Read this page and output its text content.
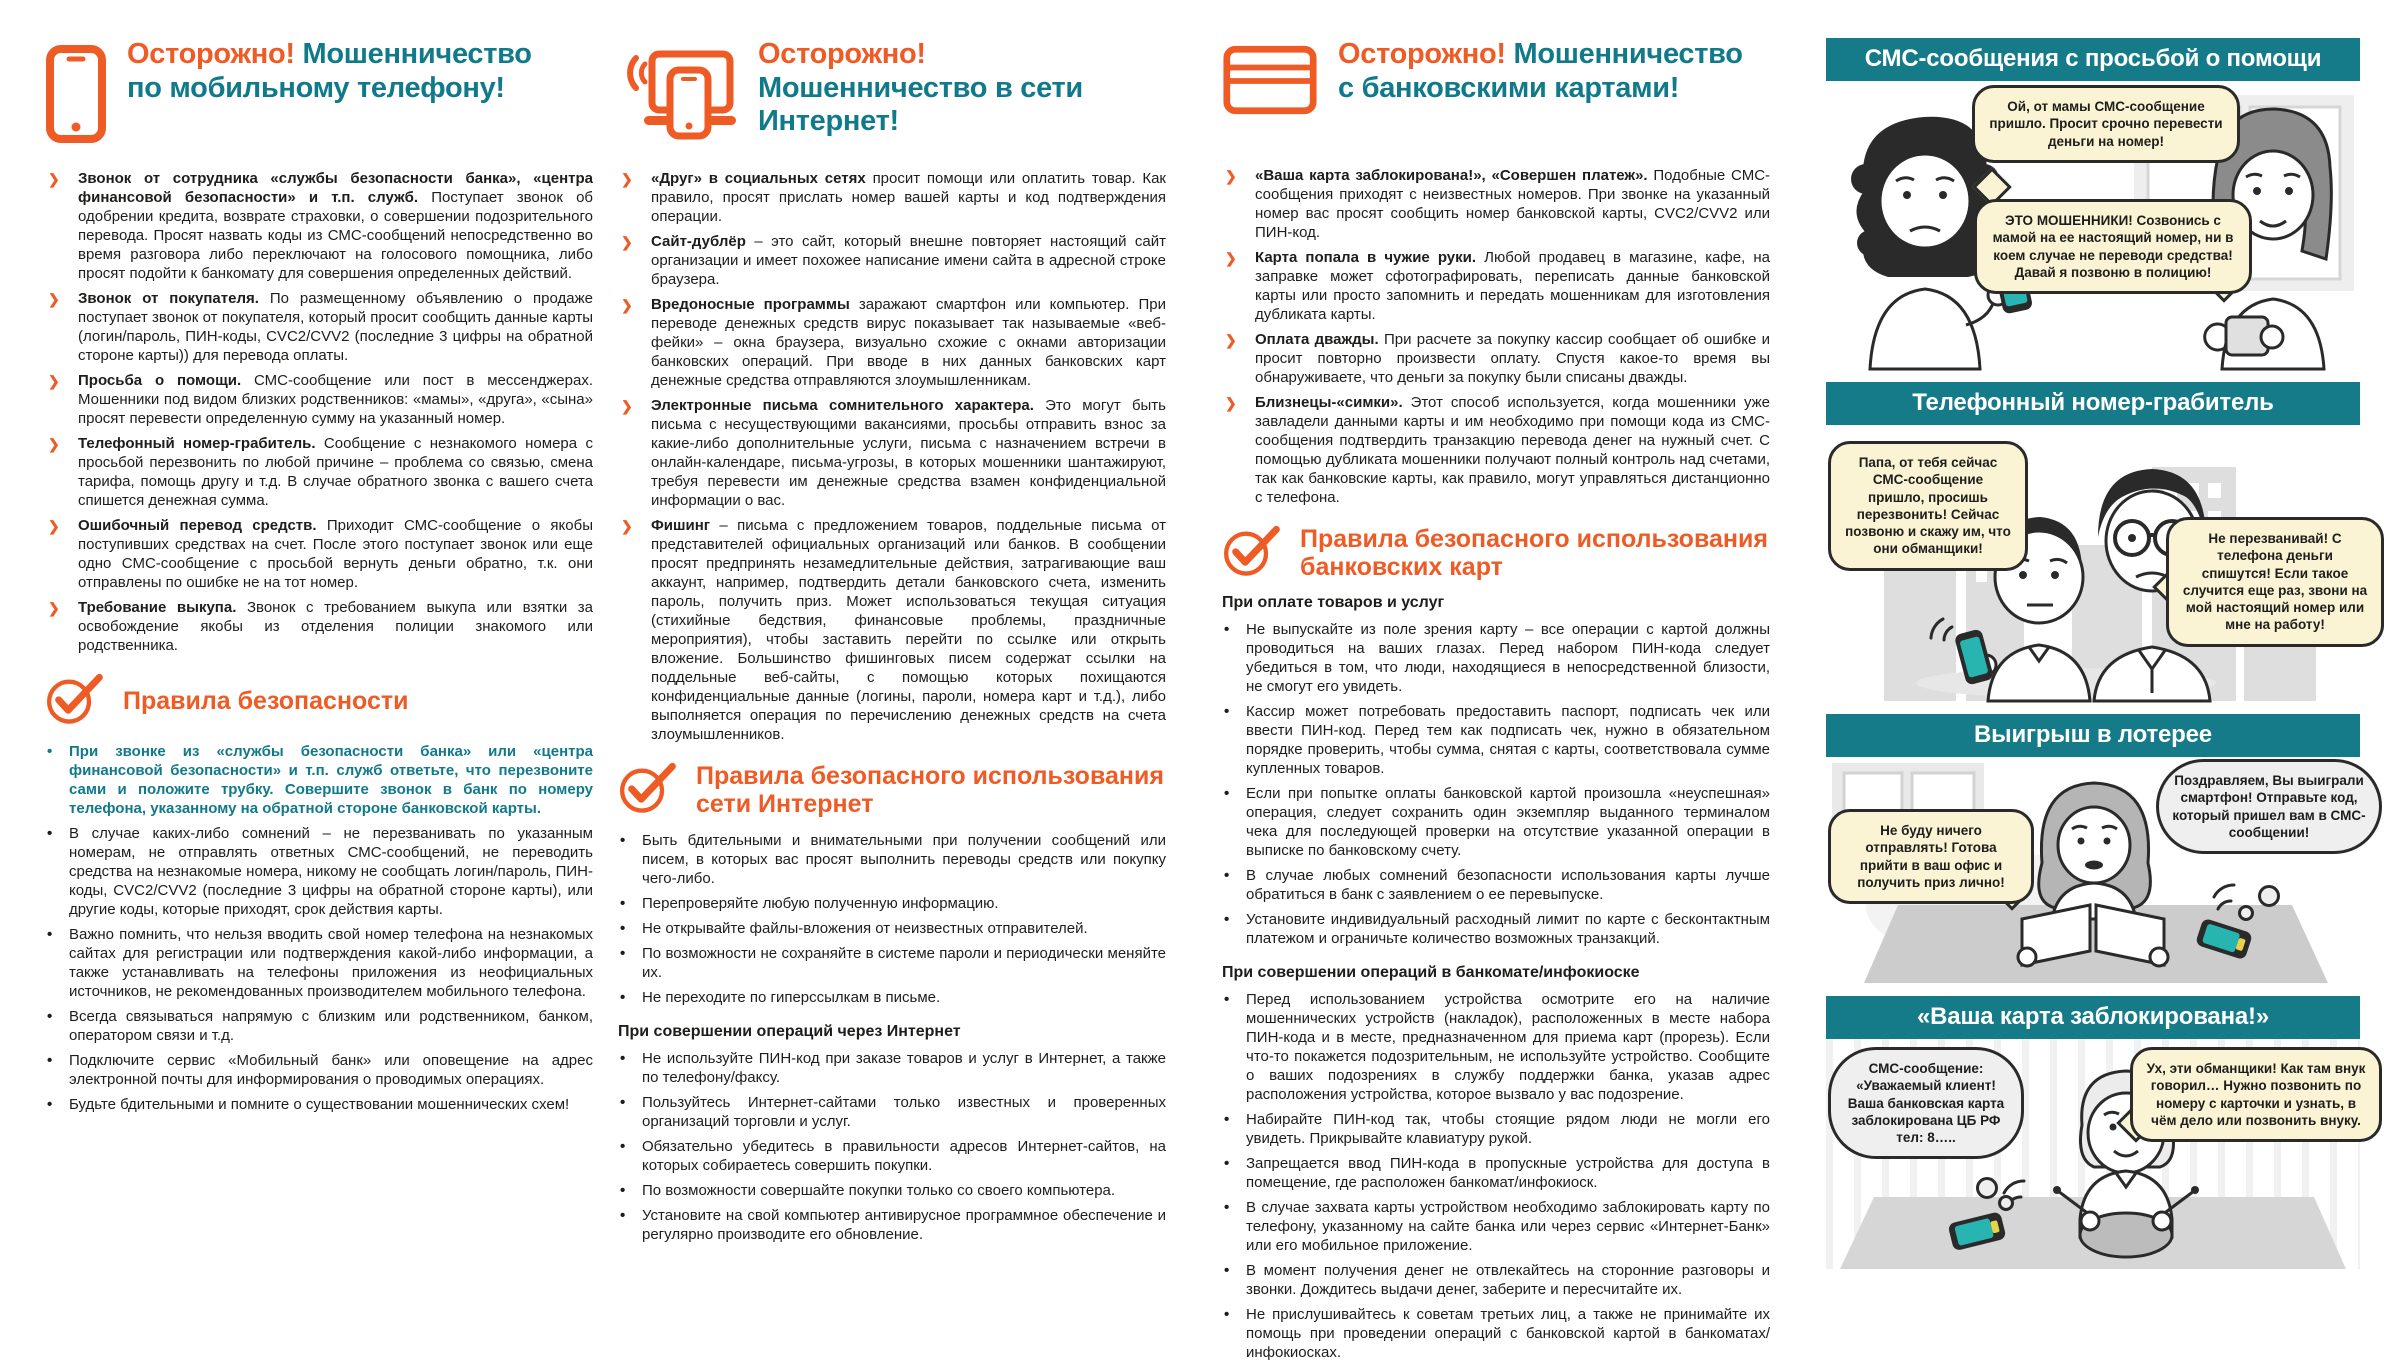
Осторожно! Мошенничество
по мобильному телефону!
❯	Звонок от сотрудника «службы безопасности банка», «центра финансовой безопасности» и т.п. служб. Поступает звонок об одобрении кредита, возврате страховки, о совершении подозрительного перевода. Просят назвать коды из СМС-сообщений непосредственно во время разговора либо переключают на голосового помощника, либо просят подойти к банкомату для совершения определенных действий.
❯	Звонок от покупателя. По размещенному объявлению о продаже поступает звонок от покупателя, который просит сообщить данные карты (логин/пароль, ПИН-коды, CVC2/CVV2 (последние 3 цифры на обратной стороне карты)) для перевода оплаты.
❯	Просьба о помощи. СМС-сообщение или пост в мессенджерах. Мошенники под видом близких родственников: «мамы», «друга», «сына» просят перевести определенную сумму на указанный номер.
❯	Телефонный номер-грабитель. Сообщение с незнакомого номера с просьбой перезвонить по любой причине – проблема со связью, смена тарифа, помощь другу и т.д. В случае обратного звонка с вашего счета спишется денежная сумма.
❯	Ошибочный перевод средств. Приходит СМС-сообщение о якобы поступивших средствах на счет. После этого поступает звонок или еще одно СМС-сообщение с просьбой вернуть деньги обратно, т.к. они отправлены по ошибке не на тот номер.
❯	Требование выкупа. Звонок с требованием выкупа или взятки за освобождение якобы из отделения полиции знакомого или родственника.
Правила безопасности
•	При звонке из «службы безопасности банка» или «центра финансовой безопасности» и т.п. служб ответьте, что перезвоните сами и положите трубку. Совершите звонок в банк по номеру телефона, указанному на обратной стороне банковской карты.
•	В случае каких-либо сомнений – не перезванивать по указанным номерам, не отправлять ответных СМС-сообщений, не переводить средства на незнакомые номера, никому не сообщать логин/пароль, ПИН-коды, CVC2/CVV2 (последние 3 цифры на обратной стороне карты), или другие коды, которые приходят, срок действия карты.
•	Важно помнить, что нельзя вводить свой номер телефона на незнакомых сайтах для регистрации или подтверждения какой-либо информации, а также устанавливать на телефоны приложения из неофициальных источников, не рекомендованных производителем мобильного телефона.
•	Всегда связываться напрямую с близким или родственником, банком, оператором связи и т.д.
•	Подключите сервис «Мобильный банк» или оповещение на адрес электронной почты для информирования о проводимых операциях.
•	Будьте бдительными и помните о существовании мошеннических схем!
Осторожно!
Мошенничество в сети Интернет!
❯	«Друг» в социальных сетях просит помощи или оплатить товар. Как правило, просят прислать номер вашей карты и код подтверждения операции.
❯	Сайт-дублёр – это сайт, который внешне повторяет настоящий сайт организации и имеет похожее написание имени сайта в адресной строке браузера.
❯	Вредоносные программы заражают смартфон или компьютер. При переводе денежных средств вирус показывает так называемые «веб-фейки» – окна браузера, визуально схожие с окнами авторизации банковских операций. При вводе в них данных банковских карт денежные средства отправляются злоумышленникам.
❯	Электронные письма сомнительного характера. Это могут быть письма с несуществующими вакансиями, просьбы отправить взнос за какие-либо дополнительные услуги, письма с назначением встречи в онлайн-календаре, письма-угрозы, в которых мошенники шантажируют, требуя перевести им денежные средства взамен конфиденциальной информации о вас.
❯	Фишинг – письма с предложением товаров, поддельные письма от представителей официальных организаций или банков. В сообщении просят предпринять незамедлительные действия, затрагивающие ваш аккаунт, например, подтвердить детали банковского счета, изменить пароль, получить приз. Может использоваться текущая ситуация (стихийные бедствия, финансовые проблемы, праздничные мероприятия), чтобы заставить перейти по ссылке или открыть вложение. Большинство фишинговых писем содержат ссылки на поддельные веб-сайты, с помощью которых похищаются конфиденциальные данные (логины, пароли, номера карт и т.д.), либо выполняется операция по перечислению денежных средств на счета злоумышленников.
Правила безопасного использования
сети Интернет
•	Быть бдительными и внимательными при получении сообщений или писем, в которых вас просят выполнить переводы средств или покупку чего-либо.
•	Перепроверяйте любую полученную информацию.
•	Не открывайте файлы-вложения от неизвестных отправителей.
•	По возможности не сохраняйте в системе пароли и периодически меняйте их.
•	Не переходите по гиперссылкам в письме.
При совершении операций через Интернет
•	Не используйте ПИН-код при заказе товаров и услуг в Интернет, а также по телефону/факсу.
•	Пользуйтесь Интернет-сайтами только известных и проверенных организаций торговли и услуг.
•	Обязательно убедитесь в правильности адресов Интернет-сайтов, на которых собираетесь совершить покупки.
•	По возможности совершайте покупки только со своего компьютера.
•	Установите на свой компьютер антивирусное программное обеспечение и регулярно производите его обновление.
Осторожно! Мошенничество
с банковскими картами!
❯	«Ваша карта заблокирована!», «Совершен платеж». Подобные СМС-сообщения приходят с неизвестных номеров. При звонке на указанный номер вас просят сообщить номер банковской карты, CVC2/CVV2 или ПИН-код.
❯	Карта попала в чужие руки. Любой продавец в магазине, кафе, на заправке может сфотографировать, переписать данные банковской карты или просто запомнить и передать мошенникам для изготовления дубликата карты.
❯	Оплата дважды. При расчете за покупку кассир сообщает об ошибке и просит повторно произвести оплату. Спустя какое-то время вы обнаруживаете, что деньги за покупку были списаны дважды.
❯	Близнецы-«симки». Этот способ используется, когда мошенники уже завладели данными карты и им необходимо при помощи кода из СМС-сообщения подтвердить транзакцию перевода денег на нужный счет. С помощью дубликата мошенники получают полный контроль над счетами, так как банковские карты, как правило, могут управляться дистанционно с телефона.
Правила безопасного использования
банковских карт
При оплате товаров и услуг
•	Не выпускайте из поле зрения карту – все операции с картой должны проводиться на ваших глазах. Перед набором ПИН-кода следует убедиться в том, что люди, находящиеся в непосредственной близости, не смогут его увидеть.
•	Кассир может потребовать предоставить паспорт, подписать чек или ввести ПИН-код. Перед тем как подписать чек, нужно в обязательном порядке проверить, чтобы сумма, снятая с карты, соответствовала сумме купленных товаров.
•	Если при попытке оплаты банковской картой произошла «неуспешная» операция, следует сохранить один экземпляр выданного терминалом чека для последующей проверки на отсутствие указанной операции в выписке по банковскому счету.
•	В случае любых сомнений безопасности использования карты лучше обратиться в банк с заявлением о ее перевыпуске.
•	Установите индивидуальный расходный лимит по карте с бесконтактным платежом и ограничьте количество возможных транзакций.
При совершении операций в банкомате/инфокиоске
•	Перед использованием устройства осмотрите его на наличие мошеннических устройств (накладок), расположенных в месте набора ПИН-кода и в месте, предназначенном для приема карт (прорезь). Если что-то покажется подозрительным, не используйте устройство. Сообщите о ваших подозрениях в службу поддержки банка, указав адрес расположения устройства, которое вызвало у вас подозрение.
•	Набирайте ПИН-код так, чтобы стоящие рядом люди не могли его увидеть. Прикрывайте клавиатуру рукой.
•	Запрещается ввод ПИН-кода в пропускные устройства для доступа в помещение, где расположен банкомат/инфокиоск.
•	В случае захвата карты устройством необходимо заблокировать карту по телефону, указанному на сайте банка или через сервис «Интернет-Банк» или его мобильное приложение.
•	В момент получения денег не отвлекайтесь на сторонние разговоры и звонки. Дождитесь выдачи денег, заберите и пересчитайте их.
•	Не прислушивайтесь к советам третьих лиц, а также не принимайте их помощь при проведении операций с банковской картой в банкоматах/инфокиосках.
СМС-сообщения с просьбой о помощи
Ой, от мамы СМС-сообщение пришло. Просит срочно перевести деньги на номер!
ЭТО МОШЕННИКИ! Созвонись с мамой на ее настоящий номер, ни в коем случае не переводи средства! Давай я позвоню в полицию!
Телефонный номер-грабитель
Папа, от тебя сейчас СМС-сообщение пришло, просишь перезвонить! Сейчас позвоню и скажу им, что они обманщики!
Не перезванивай! С телефона деньги спишутся! Если такое случится еще раз, звони на мой настоящий номер или мне на работу!
Выигрыш в лотерее
Поздравляем, Вы выиграли смартфон! Отправьте код, который пришел вам в СМС-сообщении!
Не буду ничего отправлять! Готова прийти в ваш офис и получить приз лично!
«Ваша карта заблокирована!»
СМС-сообщение: «Уважаемый клиент! Ваша банковская карта заблокирована ЦБ РФ тел: 8…..
Ух, эти обманщики! Как там внук говорил… Нужно позвонить по номеру с карточки и узнать, в чём дело или позвонить внуку.
